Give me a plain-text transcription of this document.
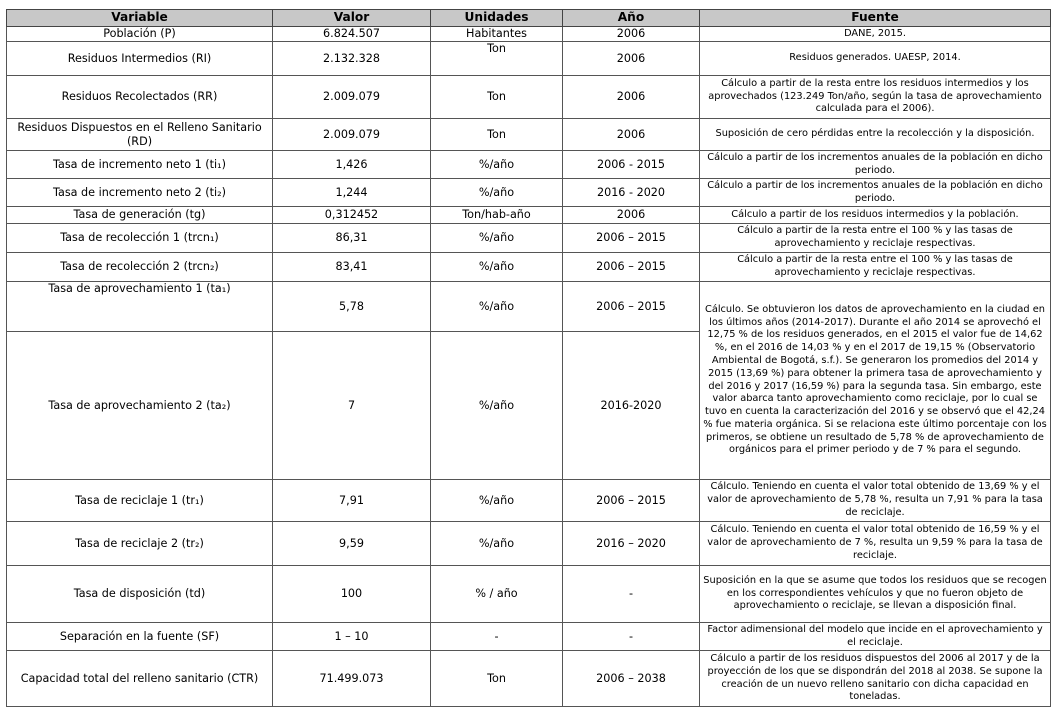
Variable	Valor	Unidades	Año	Fuente
Población (P)	6.824.507	Habitantes	2006	DANE, 2015.
Residuos Intermedios (RI)	2.132.328	Ton	2006	Residuos generados. UAESP, 2014.
Residuos Recolectados (RR)	2.009.079	Ton	2006	Cálculo a partir de la resta entre los residuos intermedios y los aprovechados (123.249 Ton/año, según la tasa de aprovechamiento calculada para el 2006).
Residuos Dispuestos en el Relleno Sanitario (RD)	2.009.079	Ton	2006	Suposición de cero pérdidas entre la recolección y la disposición.
Tasa de incremento neto 1 (ti₁)	1,426	%/año	2006 - 2015	Cálculo a partir de los incrementos anuales de la población en dicho periodo.
Tasa de incremento neto 2 (ti₂)	1,244	%/año	2016 - 2020	Cálculo a partir de los incrementos anuales de la población en dicho periodo.
Tasa de generación (tg)	0,312452	Ton/hab-año	2006	Cálculo a partir de los residuos intermedios y la población.
Tasa de recolección 1 (trcn₁)	86,31	%/año	2006 – 2015	Cálculo a partir de la resta entre el 100 % y las tasas de aprovechamiento y reciclaje respectivas.
Tasa de recolección 2 (trcn₂)	83,41	%/año	2006 – 2015	Cálculo a partir de la resta entre el 100 % y las tasas de aprovechamiento y reciclaje respectivas.
Tasa de aprovechamiento 1 (ta₁)	5,78	%/año	2006 – 2015	Cálculo. Se obtuvieron los datos de aprovechamiento en la ciudad en los últimos años (2014-2017). Durante el año 2014 se aprovechó el 12,75 % de los residuos generados, en el 2015 el valor fue de 14,62 %, en el 2016 de 14,03 % y en el 2017 de 19,15 % (Observatorio Ambiental de Bogotá, s.f.). Se generaron los promedios del 2014 y 2015 (13,69 %) para obtener la primera tasa de aprovechamiento y del 2016 y 2017 (16,59 %) para la segunda tasa. Sin embargo, este valor abarca tanto aprovechamiento como reciclaje, por lo cual se tuvo en cuenta la caracterización del 2016 y se observó que el 42,24 % fue materia orgánica. Si se relaciona este último porcentaje con los primeros, se obtiene un resultado de 5,78 % de aprovechamiento de orgánicos para el primer periodo y de 7 % para el segundo.
Tasa de aprovechamiento 2 (ta₂)	7	%/año	2016-2020	
Tasa de reciclaje 1 (tr₁)	7,91	%/año	2006 – 2015	Cálculo. Teniendo en cuenta el valor total obtenido de 13,69 % y el valor de aprovechamiento de 5,78 %, resulta un 7,91 % para la tasa de reciclaje.
Tasa de reciclaje 2 (tr₂)	9,59	%/año	2016 – 2020	Cálculo. Teniendo en cuenta el valor total obtenido de 16,59 % y el valor de aprovechamiento de 7 %, resulta un 9,59 % para la tasa de reciclaje.
Tasa de disposición (td)	100	% / año	-	Suposición en la que se asume que todos los residuos que se recogen en los correspondientes vehículos y que no fueron objeto de aprovechamiento o reciclaje, se llevan a disposición final.
Separación en la fuente (SF)	1 – 10	-	-	Factor adimensional del modelo que incide en el aprovechamiento y el reciclaje.
Capacidad total del relleno sanitario (CTR)	71.499.073	Ton	2006 – 2038	Cálculo a partir de los residuos dispuestos del 2006 al 2017 y de la proyección de los que se dispondrán del 2018 al 2038. Se supone la creación de un nuevo relleno sanitario con dicha capacidad en toneladas.
